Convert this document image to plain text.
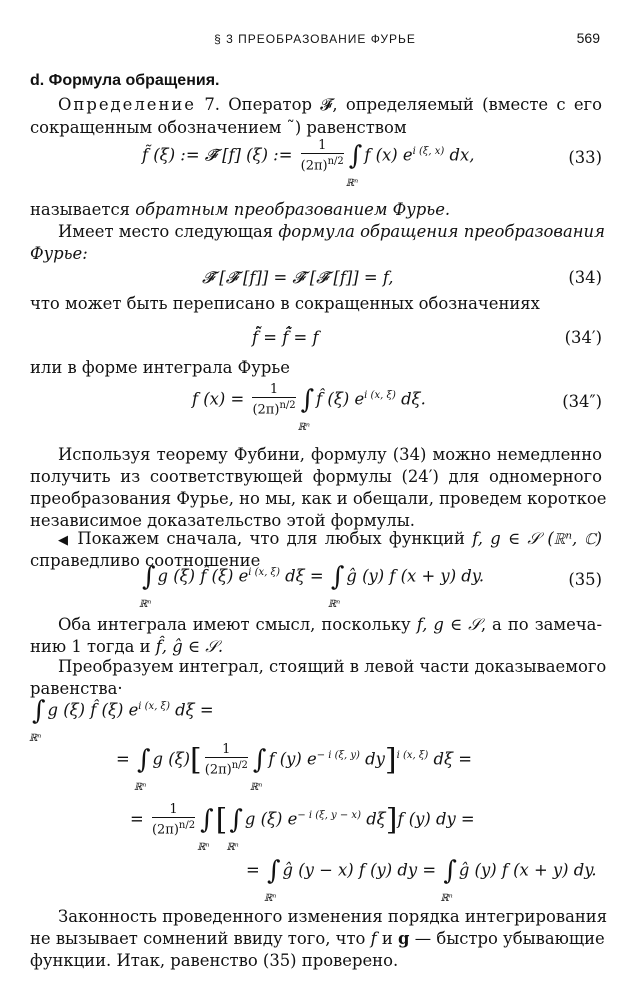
§ 3 ПРЕОБРАЗОВАНИЕ ФУРЬЕ	569
d. Формула обращения.
Определение 7. Оператор 𝓕̃, определяемый (вместе с его
сокращенным обозначением ˜) равенством
f̃ (ξ) := 𝓕̃ [f] (ξ) := $\frac{1}{(2\pi)^{n/2}}$ ∫
ℝⁿ
f (x) $e^{i (\xi, x)}$ dx,	(33)
называется обратным преобразованием Фурье.
Имеет место следующая формула обращения преобразования
Фурье:
𝓕̃ [𝓕̂ [f]] = 𝓕̂ [𝓕̃ [f]] = f,	(34)
что может быть переписано в сокращенных обозначениях
f̂̃ = f̃̂ = f	(34′)
или в форме интеграла Фурье
f $(x) = \frac{1}{(2\pi)^{n/2}}$ ∫
ℝⁿ
f̂ (ξ) $e^{i (x, \xi)}$ dξ.	(34″)
Используя теорему Фубини, формулу (34) можно немедленно
получить из соответствующей формулы (24′) для одномерного
преобразования Фурье, но мы, как и обещали, проведем короткое
независимое доказательство этой формулы.
◀ Покажем сначала, что для любых функций f, g ∈ 𝒮 (ℝⁿ, ℂ)
справедливо соотношение
∫
ℝⁿ
g (ξ) f̂ (ξ) $e^{i (x, \xi)}$ dξ = ∫
ℝⁿ
ĝ (y) f (x + y) dy.	(35)
Оба интеграла имеют смысл, поскольку f, g ∈ 𝒮, а по замеча-
нию 1 тогда и f̂, ĝ ∈ 𝒮.
Преобразуем интеграл, стоящий в левой части доказываемого
равенства·
∫
ℝⁿ
g (ξ) f̂ (ξ) $e^{i (x, \xi)}$ dξ =
= ∫
ℝⁿ
g $(\xi)[ \frac{1}{(2\pi)^{n/2}}$ ∫
ℝⁿ
f (y) $e^{- i (\xi, y)}$ dy]$^{i (x, \xi)}$ dξ =
= $\frac{1}{(2\pi)^{n/2}}$ ∫
ℝⁿ
[∫
ℝⁿ
g (ξ) $e^{- i (\xi, y - x)}$ dξ]f (y) dy =
= ∫
ℝⁿ
ĝ (y − x) f (y) dy = ∫
ℝⁿ
ĝ (y) f (x + y) dy.
Законность проведенного изменения порядка интегрирования
не вызывает сомнений ввиду того, что f и g — быстро убывающие
функции. Итак, равенство (35) проверено.
